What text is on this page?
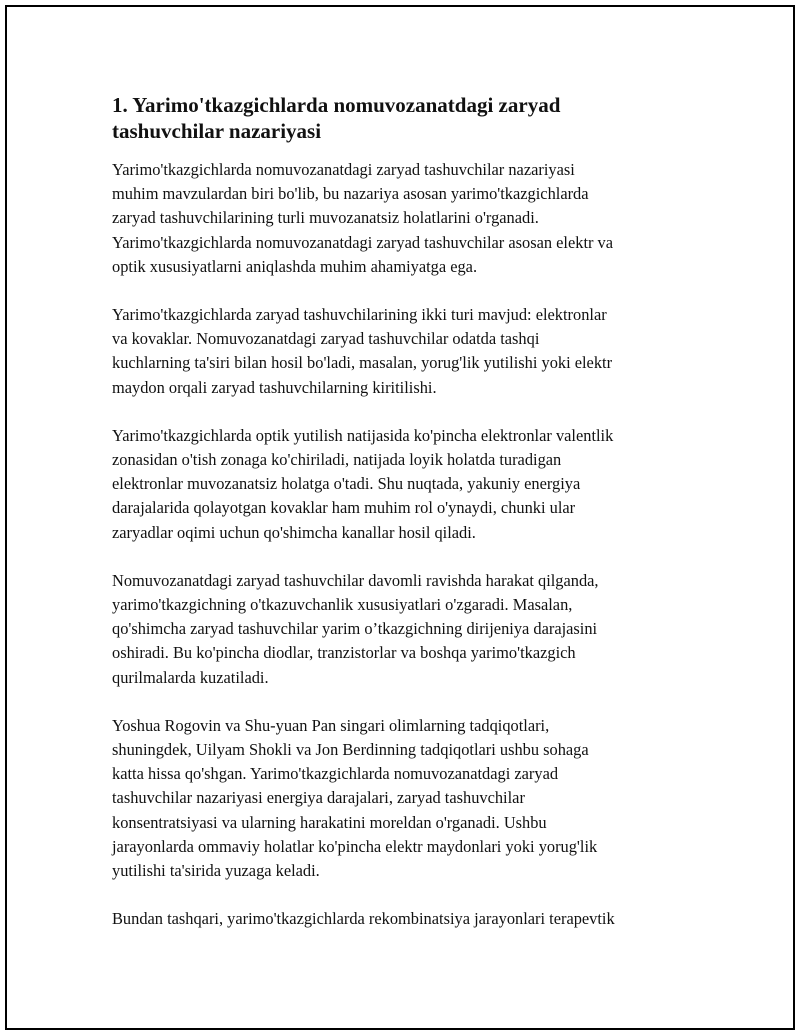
1. Yarimo'tkazgichlarda nomuvozanatdagi zaryad tashuvchilar nazariyasi
Yarimo'tkazgichlarda nomuvozanatdagi zaryad tashuvchilar nazariyasi
muhim mavzulardan biri bo'lib, bu nazariya asosan yarimo'tkazgichlarda
zaryad tashuvchilarining turli muvozanatsiz holatlarini o'rganadi.
Yarimo'tkazgichlarda nomuvozanatdagi zaryad tashuvchilar asosan elektr va
optik xususiyatlarni aniqlashda muhim ahamiyatga ega.
Yarimo'tkazgichlarda zaryad tashuvchilarining ikki turi mavjud: elektronlar
va kovaklar. Nomuvozanatdagi zaryad tashuvchilar odatda tashqi
kuchlarning ta'siri bilan hosil bo'ladi, masalan, yorug'lik yutilishi yoki elektr
maydon orqali zaryad tashuvchilarning kiritilishi.
Yarimo'tkazgichlarda optik yutilish natijasida ko'pincha elektronlar valentlik
zonasidan o'tish zonaga ko'chiriladi, natijada loyik holatda turadigan
elektronlar muvozanatsiz holatga o'tadi. Shu nuqtada, yakuniy energiya
darajalarida qolayotgan kovaklar ham muhim rol o'ynaydi, chunki ular
zaryadlar oqimi uchun qo'shimcha kanallar hosil qiladi.
Nomuvozanatdagi zaryad tashuvchilar davomli ravishda harakat qilganda,
yarimo'tkazgichning o'tkazuvchanlik xususiyatlari o'zgaradi. Masalan,
qo'shimcha zaryad tashuvchilar yarim o’tkazgichning dirijeniya darajasini
oshiradi. Bu ko'pincha diodlar, tranzistorlar va boshqa yarimo'tkazgich
qurilmalarda kuzatiladi.
Yoshua Rogovin va Shu-yuan Pan singari olimlarning tadqiqotlari,
shuningdek, Uilyam Shokli va Jon Berdinning tadqiqotlari ushbu sohaga
katta hissa qo'shgan. Yarimo'tkazgichlarda nomuvozanatdagi zaryad
tashuvchilar nazariyasi energiya darajalari, zaryad tashuvchilar
konsentratsiyasi va ularning harakatini moreldan o'rganadi. Ushbu
jarayonlarda ommaviy holatlar ko'pincha elektr maydonlari yoki yorug'lik
yutilishi ta'sirida yuzaga keladi.
Bundan tashqari, yarimo'tkazgichlarda rekombinatsiya jarayonlari terapevtik
